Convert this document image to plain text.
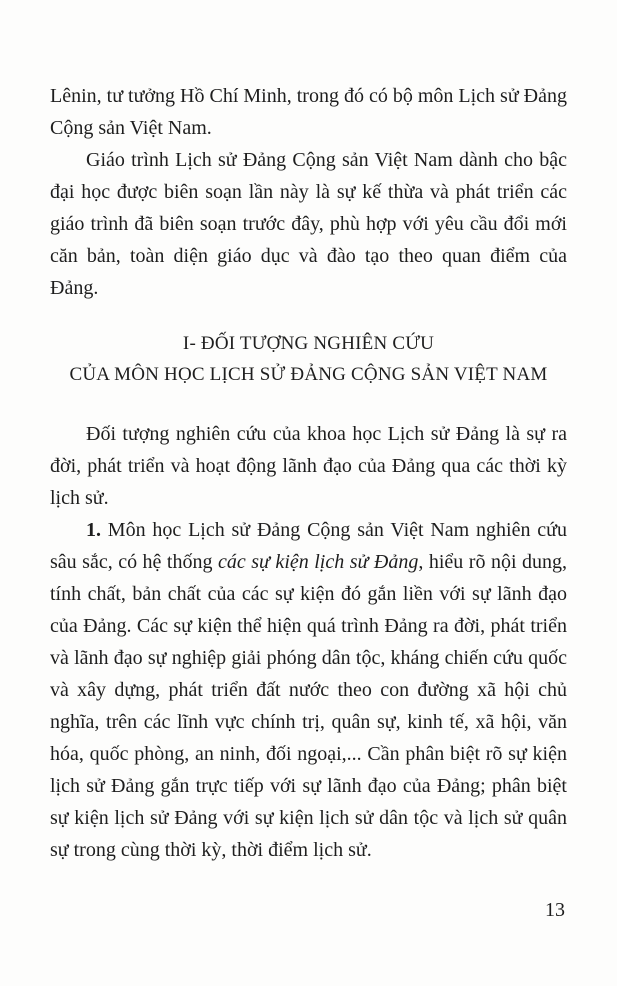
Lênin, tư tưởng Hồ Chí Minh, trong đó có bộ môn Lịch sử Đảng Cộng sản Việt Nam.

Giáo trình Lịch sử Đảng Cộng sản Việt Nam dành cho bậc đại học được biên soạn lần này là sự kế thừa và phát triển các giáo trình đã biên soạn trước đây, phù hợp với yêu cầu đổi mới căn bản, toàn diện giáo dục và đào tạo theo quan điểm của Đảng.

I- ĐỐI TƯỢNG NGHIÊN CỨU
CỦA MÔN HỌC LỊCH SỬ ĐẢNG CỘNG SẢN VIỆT NAM

Đối tượng nghiên cứu của khoa học Lịch sử Đảng là sự ra đời, phát triển và hoạt động lãnh đạo của Đảng qua các thời kỳ lịch sử.

1. Môn học Lịch sử Đảng Cộng sản Việt Nam nghiên cứu sâu sắc, có hệ thống các sự kiện lịch sử Đảng, hiểu rõ nội dung, tính chất, bản chất của các sự kiện đó gắn liền với sự lãnh đạo của Đảng. Các sự kiện thể hiện quá trình Đảng ra đời, phát triển và lãnh đạo sự nghiệp giải phóng dân tộc, kháng chiến cứu quốc và xây dựng, phát triển đất nước theo con đường xã hội chủ nghĩa, trên các lĩnh vực chính trị, quân sự, kinh tế, xã hội, văn hóa, quốc phòng, an ninh, đối ngoại,... Cần phân biệt rõ sự kiện lịch sử Đảng gắn trực tiếp với sự lãnh đạo của Đảng; phân biệt sự kiện lịch sử Đảng với sự kiện lịch sử dân tộc và lịch sử quân sự trong cùng thời kỳ, thời điểm lịch sử.

13
